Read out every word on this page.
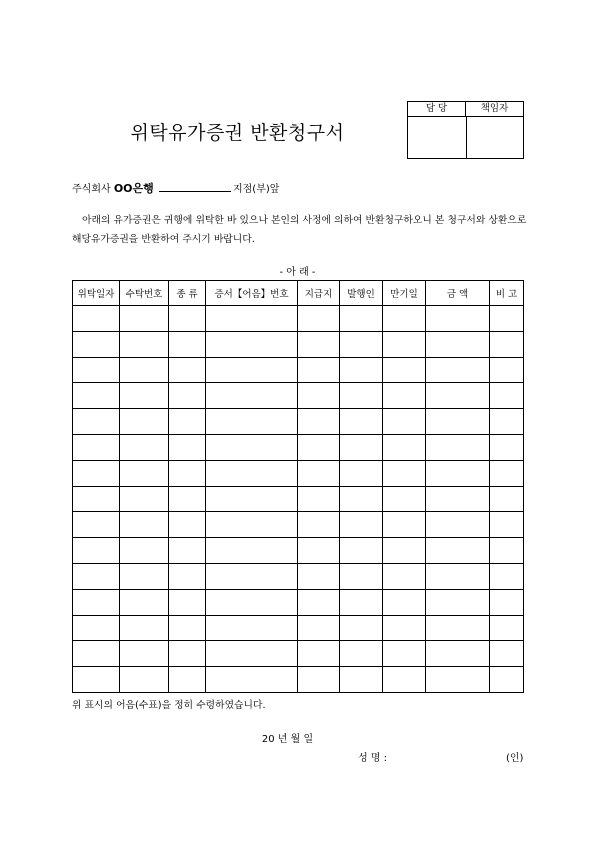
위탁유가증권 반환청구서
담 당	책임자
주식회사 OO은행	지점(부)앞
아래의 유가증권은 귀행에 위탁한 바 있으나 본인의 사정에 의하여 반환청구하오니 본 청구서와 상환으로 해당유가증권을 반환하여 주시기 바랍니다.
- 아 래 -
위탁일자	수탁번호	종 류	증서【어음】번호	지급지	발행인	만기일	금 액	비 고

위 표시의 어음(수표)을 정히 수령하였습니다.
20 년 월 일
성 명 :	(인)
